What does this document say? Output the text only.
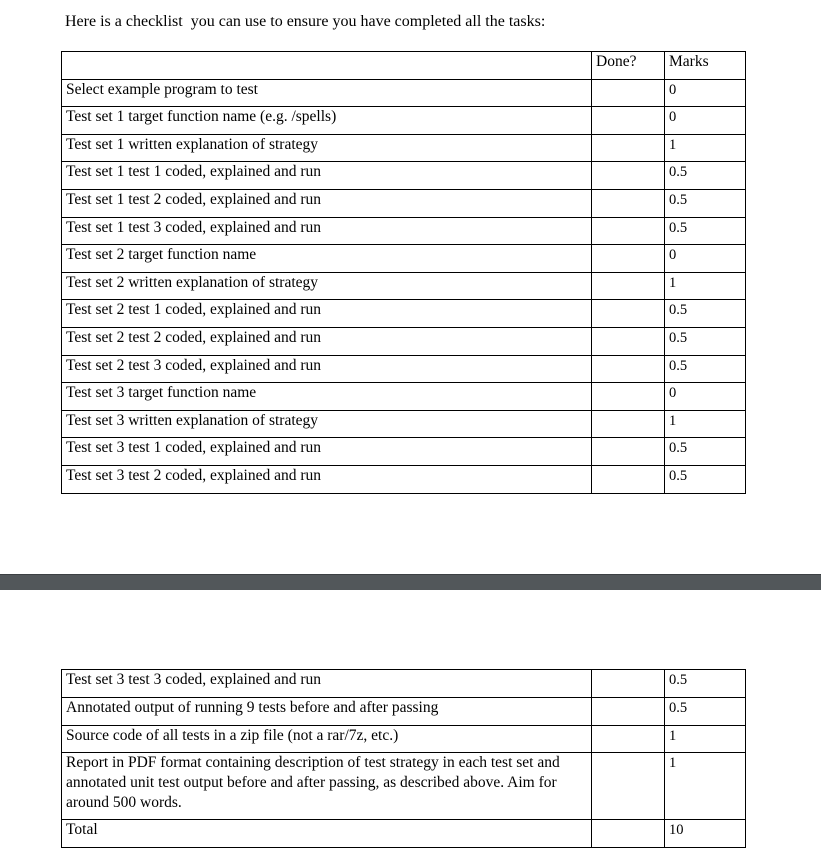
Here is a checklist  you can use to ensure you have completed all the tasks:
	Done?	Marks
Select example program to test		0
Test set 1 target function name (e.g. /spells)		0
Test set 1 written explanation of strategy		1
Test set 1 test 1 coded, explained and run		0.5
Test set 1 test 2 coded, explained and run		0.5
Test set 1 test 3 coded, explained and run		0.5
Test set 2 target function name		0
Test set 2 written explanation of strategy		1
Test set 2 test 1 coded, explained and run		0.5
Test set 2 test 2 coded, explained and run		0.5
Test set 2 test 3 coded, explained and run		0.5
Test set 3 target function name		0
Test set 3 written explanation of strategy		1
Test set 3 test 1 coded, explained and run		0.5
Test set 3 test 2 coded, explained and run		0.5
Test set 3 test 3 coded, explained and run		0.5
Annotated output of running 9 tests before and after passing		0.5
Source code of all tests in a zip file (not a rar/7z, etc.)		1
Report in PDF format containing description of test strategy in each test set and annotated unit test output before and after passing, as described above. Aim for around 500 words.		1
Total		10
